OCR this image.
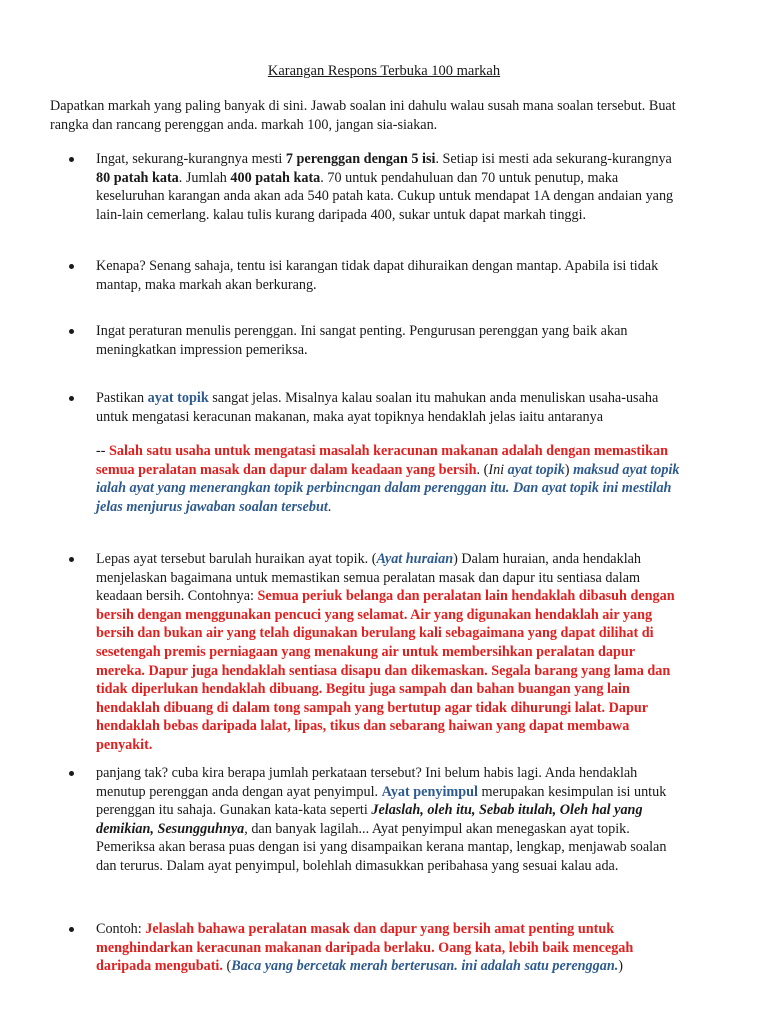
Karangan Respons Terbuka 100 markah
Dapatkan markah yang paling banyak di sini. Jawab soalan ini dahulu walau susah mana soalan tersebut. Buat rangka dan rancang perenggan anda. markah 100, jangan sia-siakan.
Ingat, sekurang-kurangnya mesti 7 perenggan dengan 5 isi. Setiap isi mesti ada sekurang-kurangnya 80 patah kata. Jumlah 400 patah kata. 70 untuk pendahuluan dan 70 untuk penutup, maka keseluruhan karangan anda akan ada 540 patah kata. Cukup untuk mendapat 1A dengan andaian yang lain-lain cemerlang. kalau tulis kurang daripada 400, sukar untuk dapat markah tinggi.
Kenapa? Senang sahaja, tentu isi karangan tidak dapat dihuraikan dengan mantap. Apabila isi tidak mantap, maka markah akan berkurang.
Ingat peraturan menulis perenggan. Ini sangat penting. Pengurusan perenggan yang baik akan meningkatkan impression pemeriksa.
Pastikan ayat topik sangat jelas. Misalnya kalau soalan itu mahukan anda menuliskan usaha-usaha untuk mengatasi keracunan makanan, maka ayat topiknya hendaklah jelas iaitu antaranya
-- Salah satu usaha untuk mengatasi masalah keracunan makanan adalah dengan memastikan semua peralatan masak dan dapur dalam keadaan yang bersih. (Ini ayat topik) maksud ayat topik ialah ayat yang menerangkan topik perbincngan dalam perenggan itu. Dan ayat topik ini mestilah jelas menjurus jawaban soalan tersebut.
Lepas ayat tersebut barulah huraikan ayat topik. (Ayat huraian) Dalam huraian, anda hendaklah menjelaskan bagaimana untuk memastikan semua peralatan masak dan dapur itu sentiasa dalam keadaan bersih. Contohnya: Semua periuk belanga dan peralatan lain hendaklah dibasuh dengan bersih dengan menggunakan pencuci yang selamat. Air yang digunakan hendaklah air yang bersih dan bukan air yang telah digunakan berulang kali sebagaimana yang dapat dilihat di sesetengah premis perniagaan yang menakung air untuk membersihkan peralatan dapur mereka. Dapur juga hendaklah sentiasa disapu dan dikemaskan. Segala barang yang lama dan tidak diperlukan hendaklah dibuang. Begitu juga sampah dan bahan buangan yang lain hendaklah dibuang di dalam tong sampah yang bertutup agar tidak dihurungi lalat. Dapur hendaklah bebas daripada lalat, lipas, tikus dan sebarang haiwan yang dapat membawa penyakit.
panjang tak? cuba kira berapa jumlah perkataan tersebut? Ini belum habis lagi. Anda hendaklah menutup perenggan anda dengan ayat penyimpul. Ayat penyimpul merupakan kesimpulan isi untuk perenggan itu sahaja. Gunakan kata-kata seperti Jelaslah, oleh itu, Sebab itulah, Oleh hal yang demikian, Sesungguhnya, dan banyak lagilah... Ayat penyimpul akan menegaskan ayat topik. Pemeriksa akan berasa puas dengan isi yang disampaikan kerana mantap, lengkap, menjawab soalan dan terurus. Dalam ayat penyimpul, bolehlah dimasukkan peribahasa yang sesuai kalau ada.
Contoh: Jelaslah bahawa peralatan masak dan dapur yang bersih amat penting untuk menghindarkan keracunan makanan daripada berlaku. Oang kata, lebih baik mencegah daripada mengubati. (Baca yang bercetak merah berterusan. ini adalah satu perenggan.)
